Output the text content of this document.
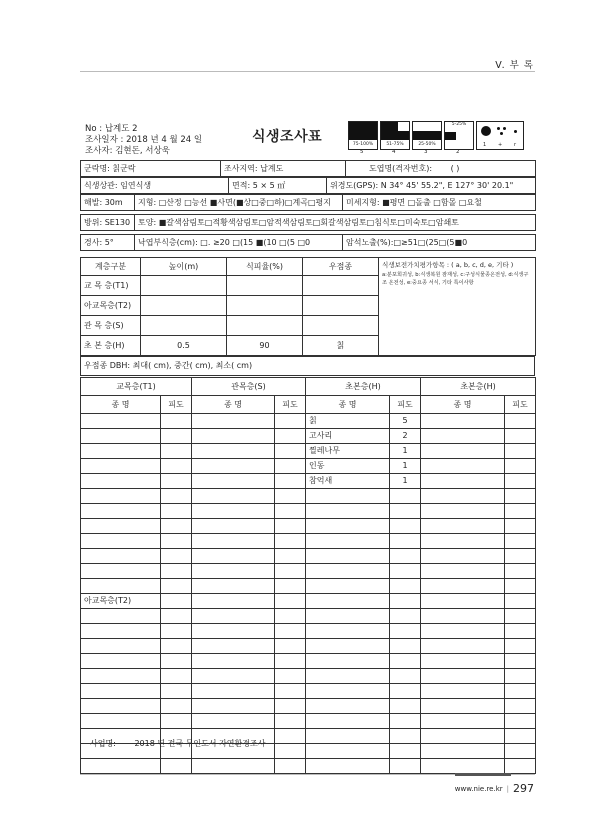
V. 부 록
No : 납계도 2
조사일자 : 2018 년 4 월 24 일
조사자: 김현돈, 서상욱
식생조사표	75-100%	51-75%	25-50%
5-25%
1 + r
5	4	3	2
군락명: 칡군락	조사지역: 납계도	도엽명(격자번호): ( )
식생상관: 임연식생	면적: 5 × 5 ㎡	위경도(GPS): N 34° 45' 55.2", E 127° 30' 20.1"
해발: 30m	지형: □산정 □능선 ■사면(■상□중□하)□계곡□평지	미세지형: ■평면 □돌출 □함몰 □요철
방위: SE130	토양: ■갈색삼림토□적황색삼림토□암적색삼림토□회갈색삼림토□침식토□미숙토□암쇄토
경사: 5°	낙엽부식층(cm): □. ≥20 □(15 ■(10 □(5 □0	암석노출(%):□≥51□(25□(5■0
계층구분	높이(m)	식피율(%)	우점종	식생보전가치평가항목 : ( a, b, c, d, e, 기타 )
a:분포희귀성, b:식생복원 잠재성, c:구성식물종온전성, d:식생구조 온전성, e:중요종 서식, 기타 특이사항

교 목 층(T1)				
아교목층(T2)				
관 목 층(S)				
초 본 층(H)	0.5	90	칡	
우점종 DBH: 최대( cm), 중간( cm), 최소( cm)
교목층(T1)		관목층(S)		초본층(H)		초본층(H)	
종 명	피도	종 명	피도	종 명	피도	종 명	피도
				칡	5		
				고사리	2		
				찔레나무	1		
				인동	1		
				참억새	1		

아교목층(T2)							

사업명: 2018 년 전국 무인도서 자연환경조사
www.nie.re.kr | 297
